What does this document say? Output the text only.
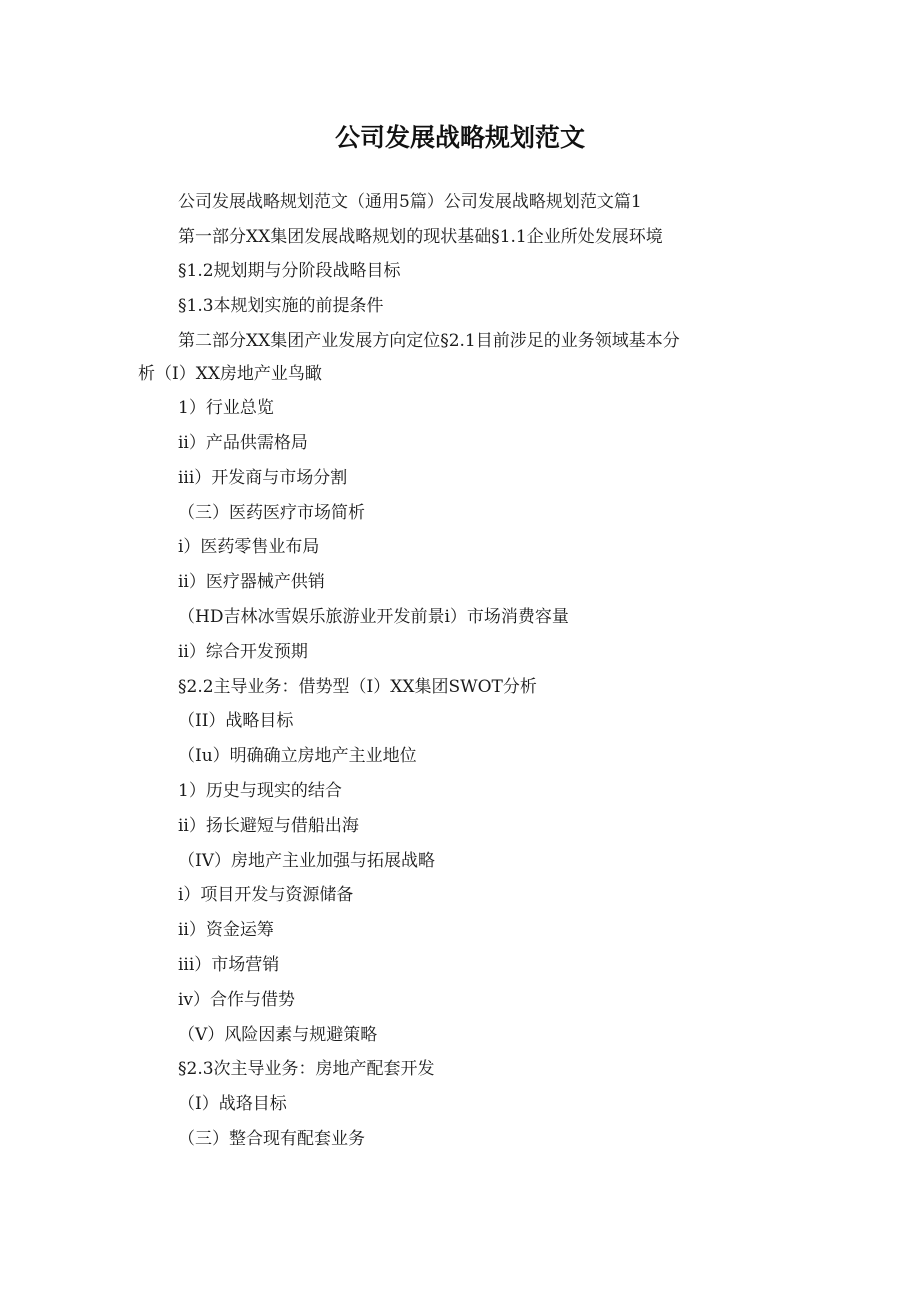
公司发展战略规划范文

公司发展战略规划范文（通用5篇）公司发展战略规划范文篇1

第一部分XX集团发展战略规划的现状基础§1.1企业所处发展环境

§1.2规划期与分阶段战略目标

§1.3本规划实施的前提条件

第二部分XX集团产业发展方向定位§2.1目前涉足的业务领域基本分

析（I）XX房地产业鸟瞰

1）行业总览

ii）产品供需格局

iii）开发商与市场分割

（三）医药医疗市场简析

i）医药零售业布局

ii）医疗器械产供销

（HD吉林冰雪娱乐旅游业开发前景i）市场消费容量

ii）综合开发预期

§2.2主导业务：借势型（I）XX集团SWOT分析

（II）战略目标

（Iu）明确确立房地产主业地位

1）历史与现实的结合

ii）扬长避短与借船出海

（IV）房地产主业加强与拓展战略

i）项目开发与资源储备

ii）资金运筹

iii）市场营销

iv）合作与借势

（V）风险因素与规避策略

§2.3次主导业务：房地产配套开发

（I）战珞目标

（三）整合现有配套业务
